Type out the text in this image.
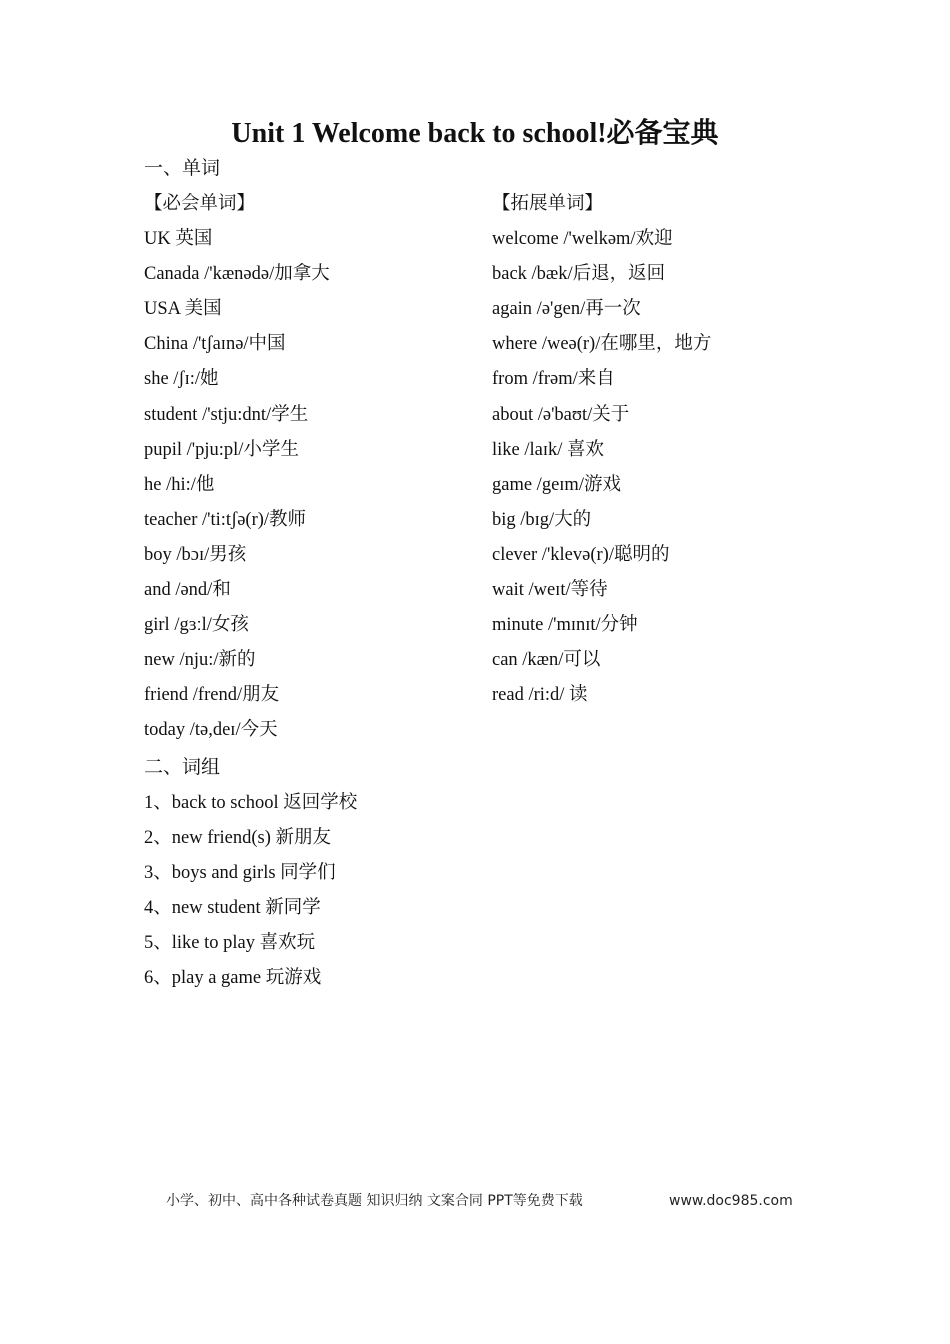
Unit 1 Welcome back to school!必备宝典
一、单词
【必会单词】
UK 英国
Canada /'kænədə/加拿大
USA 美国
China /'tʃaɪnə/中国
she /ʃɪ:/她
student /'stju:dnt/学生
pupil /'pju:pl/小学生
he /hi:/他
teacher /'ti:tʃə(r)/教师
boy /bɔɪ/男孩
and /ənd/和
girl /gɜːl/女孩
new /nju:/新的
friend /frend/朋友
today /tə,deɪ/今天
【拓展单词】
welcome /'welkəm/欢迎
back /bæk/后退，返回
again /ə'gen/再一次
where /weə(r)/在哪里，地方
from /frəm/来自
about /ə'baʊt/关于
like /laɪk/ 喜欢
game /geɪm/游戏
big /bɪg/大的
clever /'klevə(r)/聪明的
wait /weɪt/等待
minute /'mɪnɪt/分钟
can /kæn/可以
read /ri:d/ 读
二、词组
1、back to school 返回学校
2、new friend(s) 新朋友
3、boys and girls 同学们
4、new student 新同学
5、like to play 喜欢玩
6、play a game 玩游戏
小学、初中、高中各种试卷真题 知识归纳 文案合同 PPT等免费下载	www.doc985.com
